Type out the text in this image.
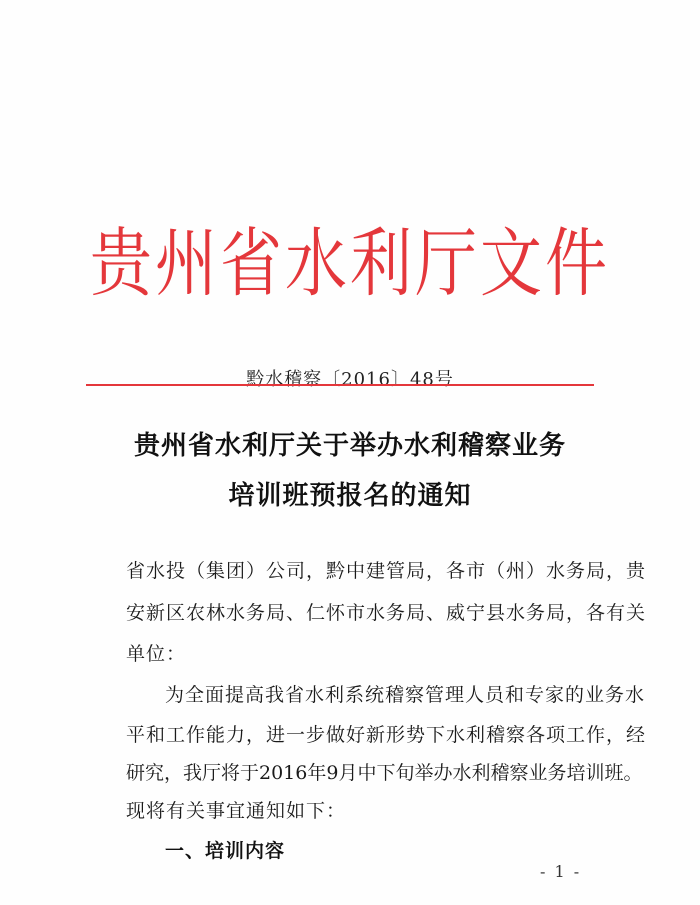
贵州省水利厅文件
黔水稽察〔2016〕48号
贵州省水利厅关于举办水利稽察业务
培训班预报名的通知
省水投（集团）公司，黔中建管局，各市（州）水务局，贵
安新区农林水务局、仁怀市水务局、威宁县水务局，各有关
单位：
为全面提高我省水利系统稽察管理人员和专家的业务水
平和工作能力，进一步做好新形势下水利稽察各项工作，经
研究，我厅将于2016年9月中下旬举办水利稽察业务培训班。
现将有关事宜通知如下：
一、培训内容
- 1 -
